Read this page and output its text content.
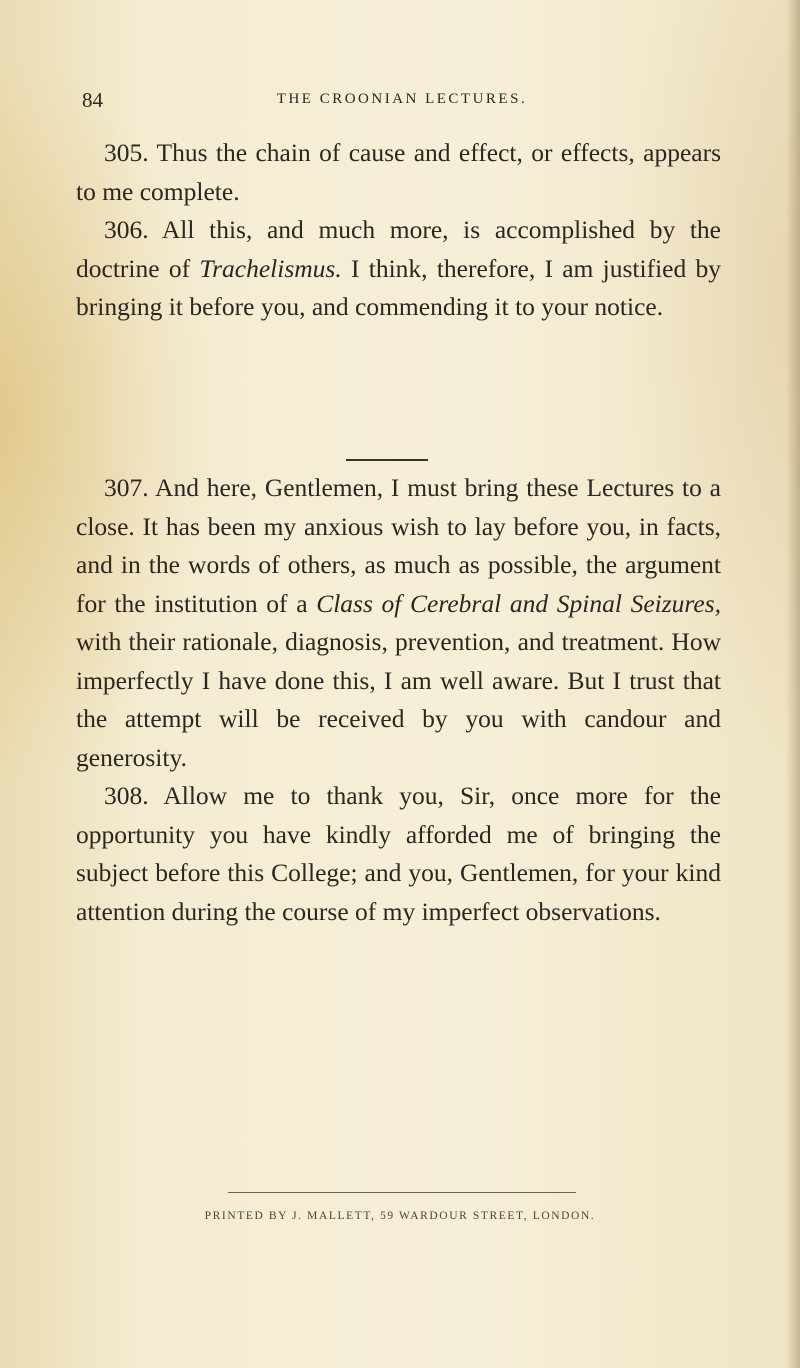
84	THE CROONIAN LECTURES.

305. Thus the chain of cause and effect, or effects, appears to me complete.

306. All this, and much more, is accomplished by the doctrine of Trachelismus. I think, therefore, I am justified by bringing it before you, and commending it to your notice.

307. And here, Gentlemen, I must bring these Lectures to a close. It has been my anxious wish to lay before you, in facts, and in the words of others, as much as possible, the argument for the institution of a Class of Cerebral and Spinal Seizures, with their rationale, diagnosis, prevention, and treatment. How imperfectly I have done this, I am well aware. But I trust that the attempt will be received by you with candour and generosity.

308. Allow me to thank you, Sir, once more for the opportunity you have kindly afforded me of bringing the subject before this College; and you, Gentlemen, for your kind attention during the course of my imperfect observations.

PRINTED BY J. MALLETT, 59 WARDOUR STREET, LONDON.
